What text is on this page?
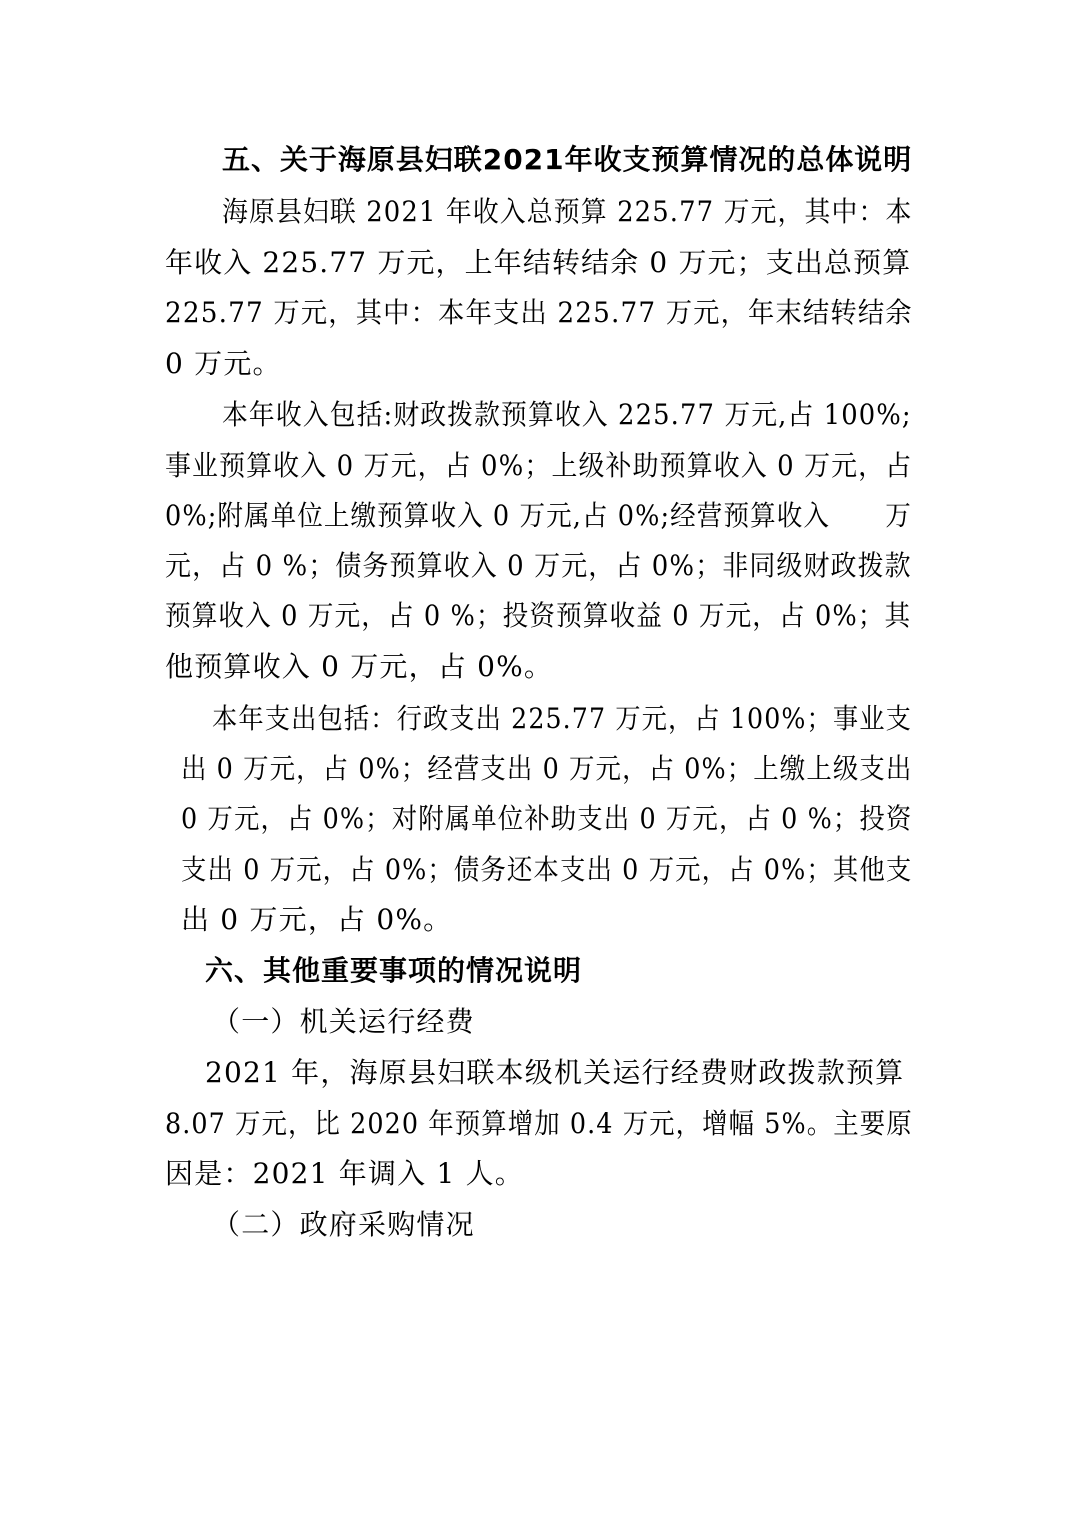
五、关于海原县妇联2021年收支预算情况的总体说明
海原县妇联 2021 年收入总预算 225.77 万元，其中：本
年收入 225.77 万元，上年结转结余 0 万元；支出总预算
225.77 万元，其中：本年支出 225.77 万元，年末结转结余
0 万元。
本年收入包括:财政拨款预算收入 225.77 万元,占 100%;
事业预算收入 0 万元，占 0%；上级补助预算收入 0 万元，占
0%;附属单位上缴预算收入 0 万元,占 0%;经营预算收入      万
元，占 0 %；债务预算收入 0 万元，占 0%；非同级财政拨款
预算收入 0 万元，占 0 %；投资预算收益 0 万元，占 0%；其
他预算收入 0 万元，占 0%。
本年支出包括：行政支出 225.77 万元，占 100%；事业支
出 0 万元，占 0%；经营支出 0 万元，占 0%；上缴上级支出
0 万元，占 0%；对附属单位补助支出 0 万元，占 0 %；投资
支出 0 万元，占 0%；债务还本支出 0 万元，占 0%；其他支
出 0 万元，占 0%。
六、其他重要事项的情况说明
（一）机关运行经费
2021 年，海原县妇联本级机关运行经费财政拨款预算
8.07 万元，比 2020 年预算增加 0.4 万元，增幅 5%。主要原
因是：2021 年调入 1 人。
（二）政府采购情况
